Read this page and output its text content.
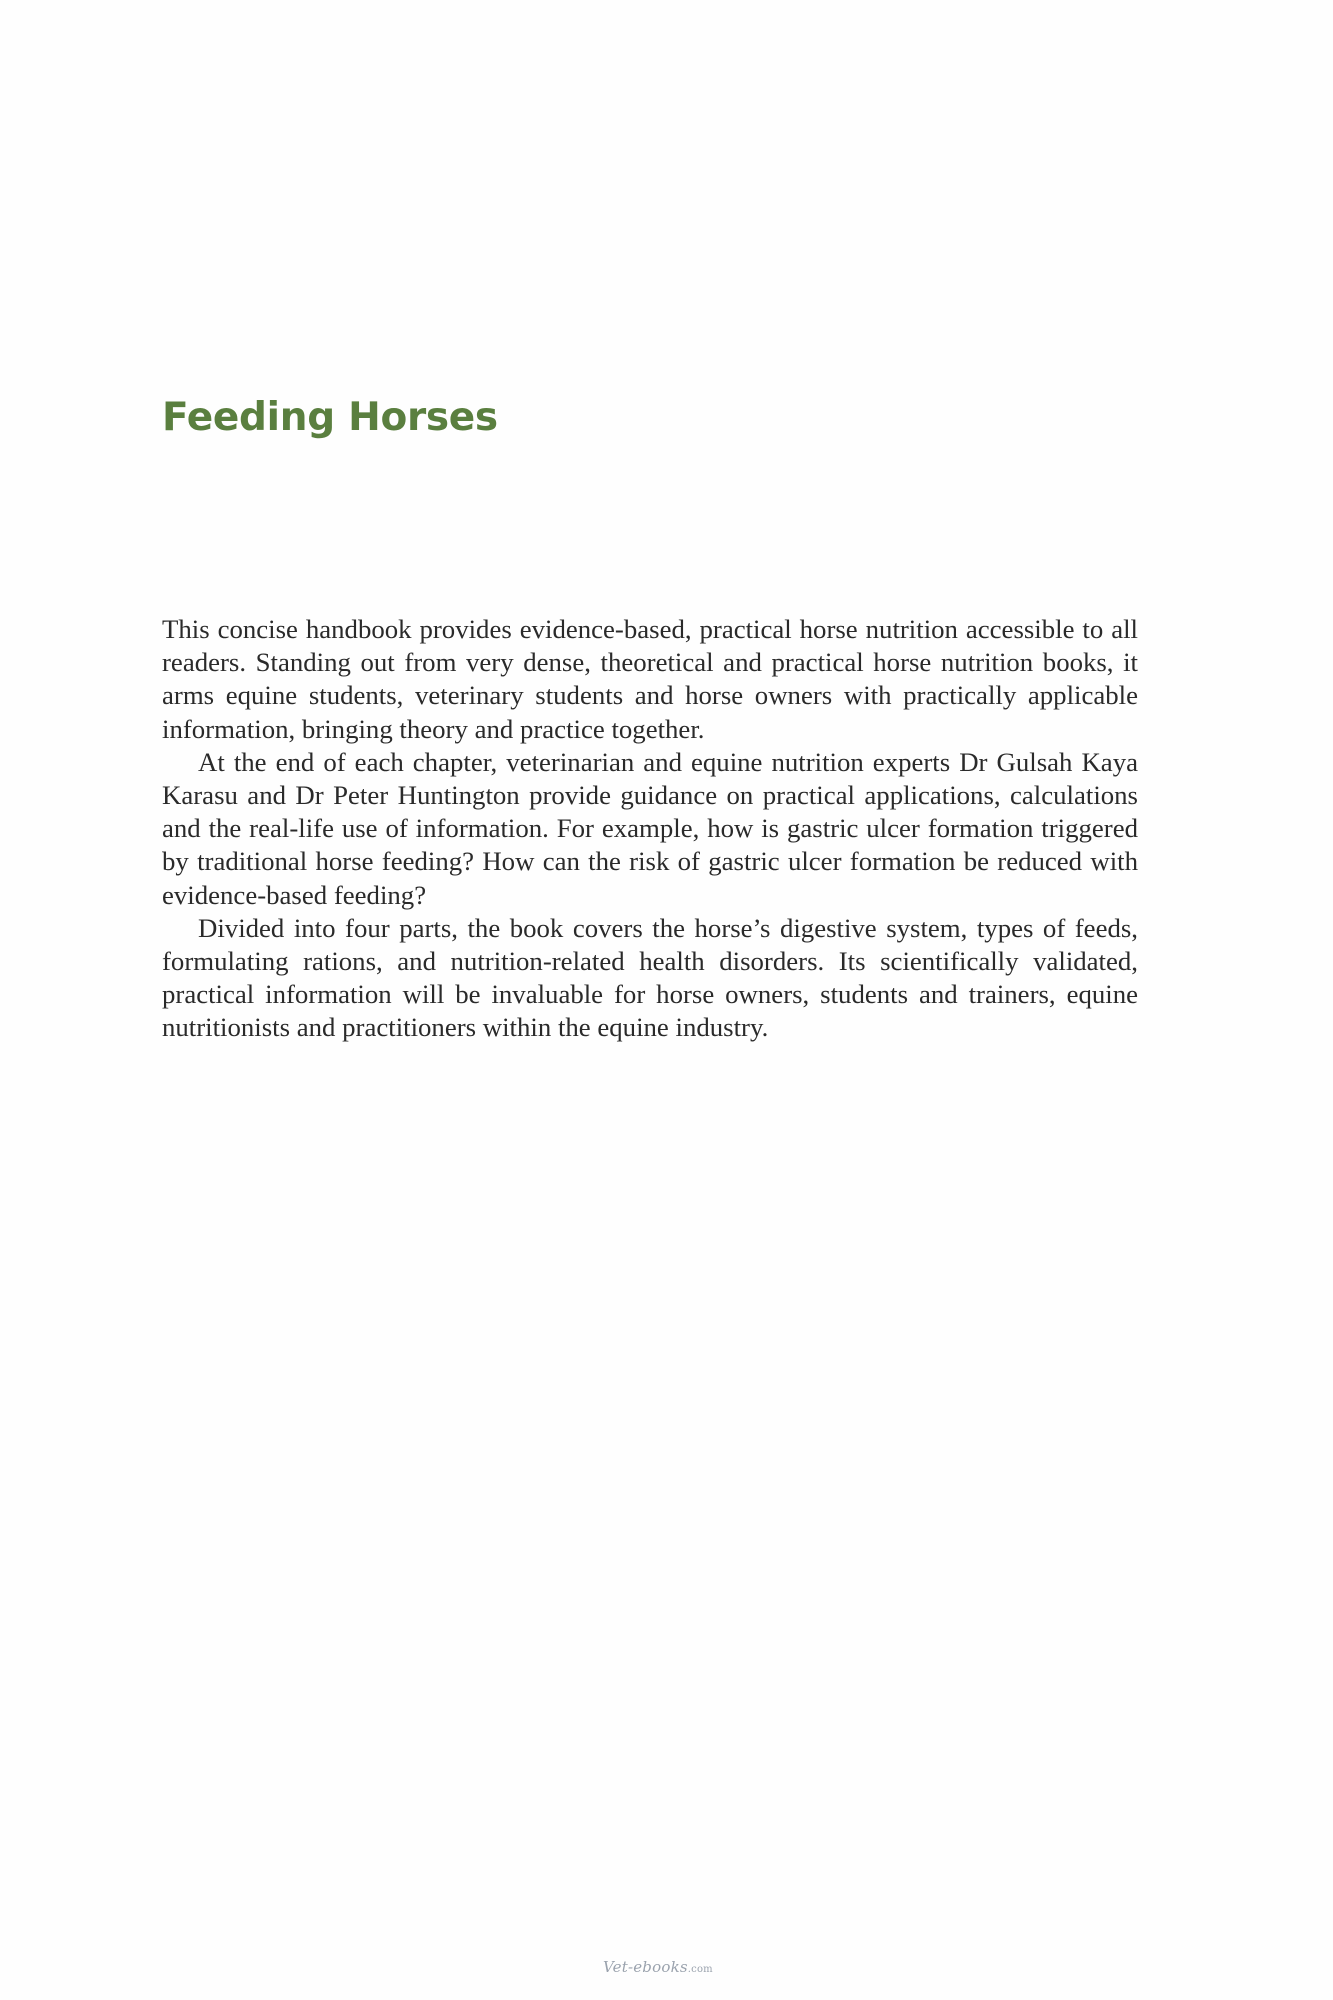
Feeding Horses

This concise handbook provides evidence-based, practical horse nutrition accessible to all readers. Standing out from very dense, theoretical and practical horse nutrition books, it arms equine students, veterinary students and horse owners with practically applicable information, bringing theory and practice together.

At the end of each chapter, veterinarian and equine nutrition experts Dr Gulsah Kaya Karasu and Dr Peter Huntington provide guidance on practical applications, calculations and the real-life use of information. For example, how is gastric ulcer formation triggered by traditional horse feeding? How can the risk of gastric ulcer formation be reduced with evidence-based feeding?

Divided into four parts, the book covers the horse’s digestive system, types of feeds, formulating rations, and nutrition-related health disorders. Its scientifically validated, practical information will be invaluable for horse owners, students and trainers, equine nutritionists and practitioners within the equine industry.

Vet-ebooks.com
